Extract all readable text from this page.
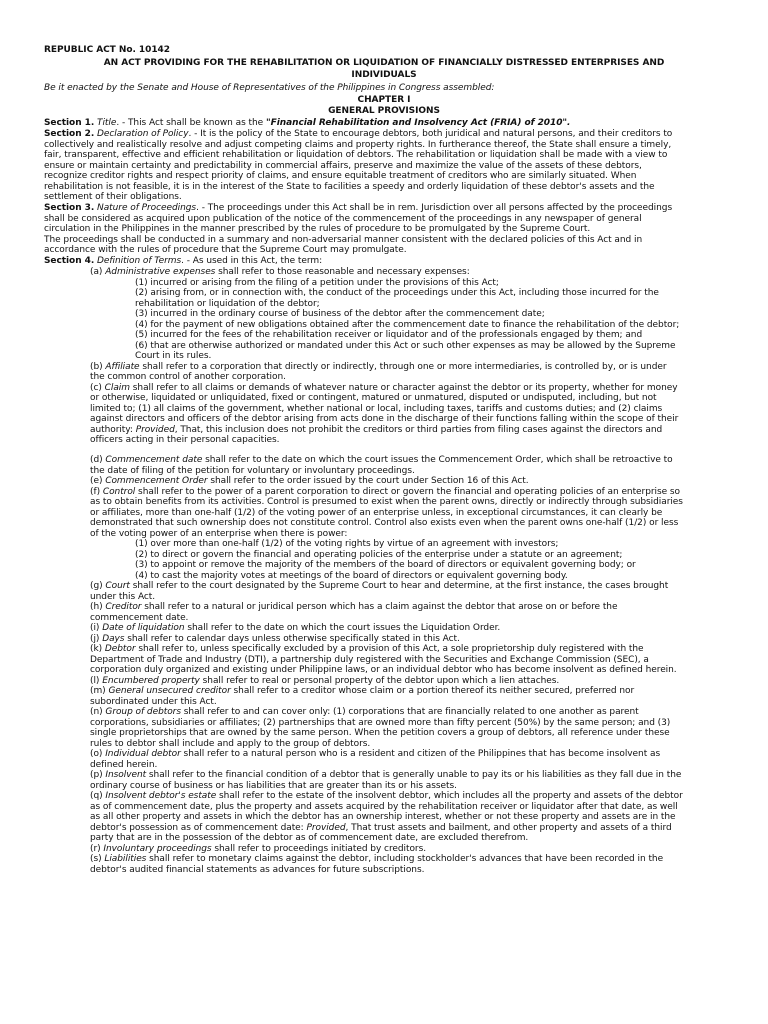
REPUBLIC ACT No. 10142
AN ACT PROVIDING FOR THE REHABILITATION OR LIQUIDATION OF FINANCIALLY DISTRESSED ENTERPRISES AND
INDIVIDUALS
Be it enacted by the Senate and House of Representatives of the Philippines in Congress assembled:
CHAPTER I
GENERAL PROVISIONS
Section 1. Title. - This Act shall be known as the "Financial Rehabilitation and Insolvency Act (FRIA) of 2010".
Section 2. Declaration of Policy. - It is the policy of the State to encourage debtors, both juridical and natural persons, and their creditors to
collectively and realistically resolve and adjust competing claims and property rights. In furtherance thereof, the State shall ensure a timely,
fair, transparent, effective and efficient rehabilitation or liquidation of debtors. The rehabilitation or liquidation shall be made with a view to
ensure or maintain certainty and predictability in commercial affairs, preserve and maximize the value of the assets of these debtors,
recognize creditor rights and respect priority of claims, and ensure equitable treatment of creditors who are similarly situated. When
rehabilitation is not feasible, it is in the interest of the State to facilities a speedy and orderly liquidation of these debtor's assets and the
settlement of their obligations.
Section 3. Nature of Proceedings. - The proceedings under this Act shall be in rem. Jurisdiction over all persons affected by the proceedings
shall be considered as acquired upon publication of the notice of the commencement of the proceedings in any newspaper of general
circulation in the Philippines in the manner prescribed by the rules of procedure to be promulgated by the Supreme Court.
The proceedings shall be conducted in a summary and non-adversarial manner consistent with the declared policies of this Act and in
accordance with the rules of procedure that the Supreme Court may promulgate.
Section 4. Definition of Terms. - As used in this Act, the term:
(a) Administrative expenses shall refer to those reasonable and necessary expenses:
(1) incurred or arising from the filing of a petition under the provisions of this Act;
(2) arising from, or in connection with, the conduct of the proceedings under this Act, including those incurred for the
rehabilitation or liquidation of the debtor;
(3) incurred in the ordinary course of business of the debtor after the commencement date;
(4) for the payment of new obligations obtained after the commencement date to finance the rehabilitation of the debtor;
(5) incurred for the fees of the rehabilitation receiver or liquidator and of the professionals engaged by them; and
(6) that are otherwise authorized or mandated under this Act or such other expenses as may be allowed by the Supreme
Court in its rules.
(b) Affiliate shall refer to a corporation that directly or indirectly, through one or more intermediaries, is controlled by, or is under
the common control of another corporation.
(c) Claim shall refer to all claims or demands of whatever nature or character against the debtor or its property, whether for money
or otherwise, liquidated or unliquidated, fixed or contingent, matured or unmatured, disputed or undisputed, including, but not
limited to; (1) all claims of the government, whether national or local, including taxes, tariffs and customs duties; and (2) claims
against directors and officers of the debtor arising from acts done in the discharge of their functions falling within the scope of their
authority: Provided, That, this inclusion does not prohibit the creditors or third parties from filing cases against the directors and
officers acting in their personal capacities.
(d) Commencement date shall refer to the date on which the court issues the Commencement Order, which shall be retroactive to
the date of filing of the petition for voluntary or involuntary proceedings.
(e) Commencement Order shall refer to the order issued by the court under Section 16 of this Act.
(f) Control shall refer to the power of a parent corporation to direct or govern the financial and operating policies of an enterprise so
as to obtain benefits from its activities. Control is presumed to exist when the parent owns, directly or indirectly through subsidiaries
or affiliates, more than one-half (1/2) of the voting power of an enterprise unless, in exceptional circumstances, it can clearly be
demonstrated that such ownership does not constitute control. Control also exists even when the parent owns one-half (1/2) or less
of the voting power of an enterprise when there is power:
(1) over more than one-half (1/2) of the voting rights by virtue of an agreement with investors;
(2) to direct or govern the financial and operating policies of the enterprise under a statute or an agreement;
(3) to appoint or remove the majority of the members of the board of directors or equivalent governing body; or
(4) to cast the majority votes at meetings of the board of directors or equivalent governing body.
(g) Court shall refer to the court designated by the Supreme Court to hear and determine, at the first instance, the cases brought
under this Act.
(h) Creditor shall refer to a natural or juridical person which has a claim against the debtor that arose on or before the
commencement date.
(i) Date of liquidation shall refer to the date on which the court issues the Liquidation Order.
(j) Days shall refer to calendar days unless otherwise specifically stated in this Act.
(k) Debtor shall refer to, unless specifically excluded by a provision of this Act, a sole proprietorship duly registered with the
Department of Trade and Industry (DTI), a partnership duly registered with the Securities and Exchange Commission (SEC), a
corporation duly organized and existing under Philippine laws, or an individual debtor who has become insolvent as defined herein.
(l) Encumbered property shall refer to real or personal property of the debtor upon which a lien attaches.
(m) General unsecured creditor shall refer to a creditor whose claim or a portion thereof its neither secured, preferred nor
subordinated under this Act.
(n) Group of debtors shall refer to and can cover only: (1) corporations that are financially related to one another as parent
corporations, subsidiaries or affiliates; (2) partnerships that are owned more than fifty percent (50%) by the same person; and (3)
single proprietorships that are owned by the same person. When the petition covers a group of debtors, all reference under these
rules to debtor shall include and apply to the group of debtors.
(o) Individual debtor shall refer to a natural person who is a resident and citizen of the Philippines that has become insolvent as
defined herein.
(p) Insolvent shall refer to the financial condition of a debtor that is generally unable to pay its or his liabilities as they fall due in the
ordinary course of business or has liabilities that are greater than its or his assets.
(q) Insolvent debtor's estate shall refer to the estate of the insolvent debtor, which includes all the property and assets of the debtor
as of commencement date, plus the property and assets acquired by the rehabilitation receiver or liquidator after that date, as well
as all other property and assets in which the debtor has an ownership interest, whether or not these property and assets are in the
debtor's possession as of commencement date: Provided, That trust assets and bailment, and other property and assets of a third
party that are in the possession of the debtor as of commencement date, are excluded therefrom.
(r) Involuntary proceedings shall refer to proceedings initiated by creditors.
(s) Liabilities shall refer to monetary claims against the debtor, including stockholder's advances that have been recorded in the
debtor's audited financial statements as advances for future subscriptions.
